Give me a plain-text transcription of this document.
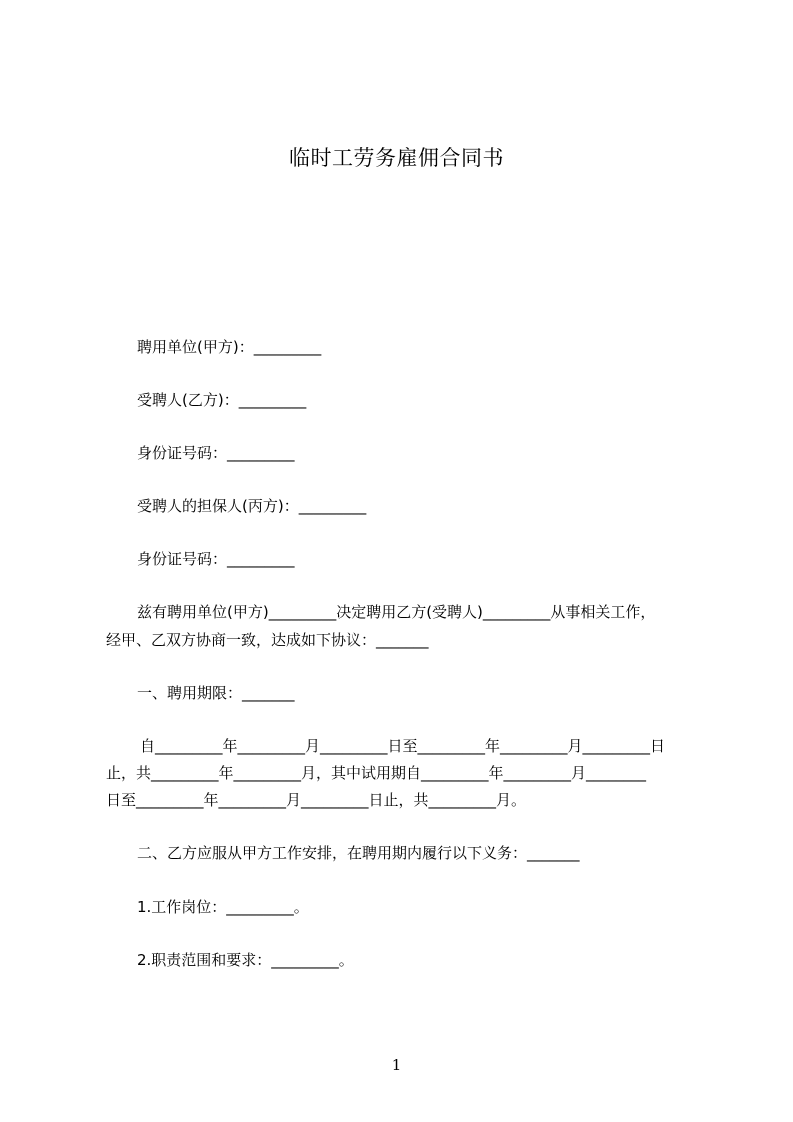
临时工劳务雇佣合同书
聘用单位(甲方)：_________
受聘人(乙方)：_________
身份证号码：_________
受聘人的担保人(丙方)：_________
身份证号码：_________
兹有聘用单位(甲方)_________决定聘用乙方(受聘人)_________从事相关工作，
经甲、乙双方协商一致，达成如下协议：_______
一、聘用期限：_______
自_________年_________月_________日至_________年_________月_________日
止，共_________年_________月，其中试用期自_________年_________月________
日至_________年_________月_________日止，共_________月。
二、乙方应服从甲方工作安排，在聘用期内履行以下义务：_______
1.工作岗位：_________。
2.职责范围和要求：_________。
1
